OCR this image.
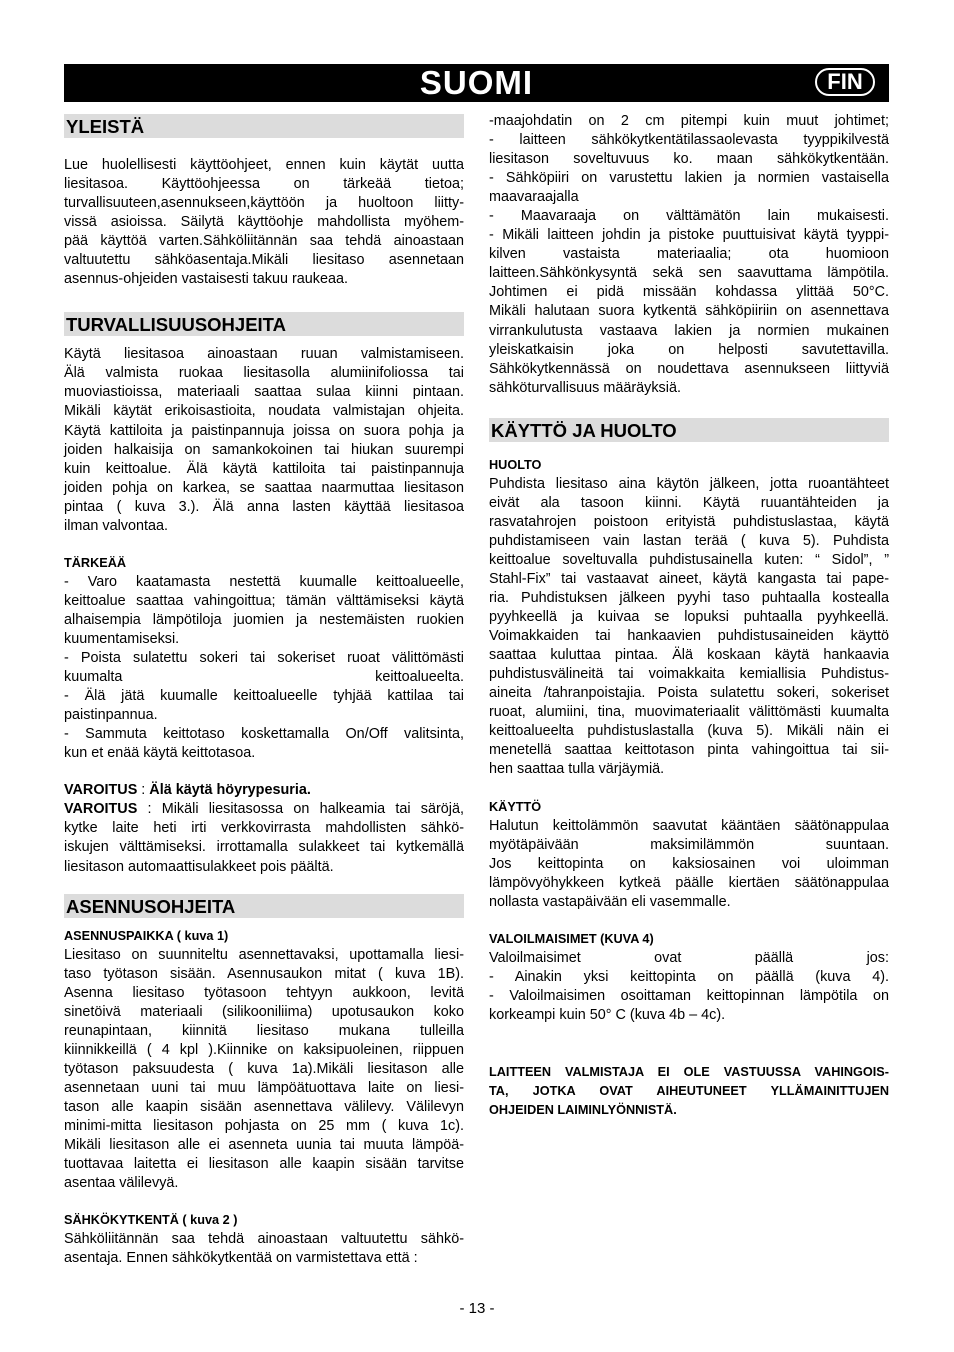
SUOMI	FIN
YLEISTÄ
Lue huolellisesti käyttöohjeet, ennen kuin käytät uutta
liesitasoa. Käyttöohjeessa on tärkeää tietoa;
turvallisuuteen,asennukseen,käyttöön ja huoltoon liitty-
vissä asioissa. Säilytä käyttöohje mahdollista myöhem-
pää käyttöä varten.Sähköliitännän saa tehdä ainoastaan
valtuutettu sähköasentaja.Mikäli liesitaso asennetaan
asennus-ohjeiden vastaisesti takuu raukeaa.
TURVALLISUUSOHJEITA
Käytä liesitasoa ainoastaan ruuan valmistamiseen.
Älä valmista ruokaa liesitasolla alumiinifoliossa tai
muoviastioissa, materiaali saattaa sulaa kiinni pintaan.
Mikäli käytät erikoisastioita, noudata valmistajan ohjeita.
Käytä kattiloita ja paistinpannuja joissa on suora pohja ja
joiden halkaisija on samankokoinen tai hiukan suurempi
kuin keittoalue. Älä käytä kattiloita tai paistinpannuja
joiden pohja on karkea, se saattaa naarmuttaa liesitason
pintaa ( kuva 3.). Älä anna lasten käyttää liesitasoa
ilman valvontaa.
TÄRKEÄÄ
- Varo kaatamasta nestettä kuumalle keittoalueelle,
keittoalue saattaa vahingoittua; tämän välttämiseksi käytä
alhaisempia lämpötiloja juomien ja nestemäisten ruokien
kuumentamiseksi.
- Poista sulatettu sokeri tai sokeriset ruoat välittömästi
kuumalta keittoalueelta.
- Älä jätä kuumalle keittoalueelle tyhjää kattilaa tai
paistinpannua.
- Sammuta keittotaso koskettamalla On/Off valitsinta,
kun et enää käytä keittotasoa.
VAROITUS : Älä käytä höyrypesuria.
VAROITUS : Mikäli liesitasossa on halkeamia tai säröjä,
kytke laite heti irti verkkovirrasta mahdollisten sähkö-
iskujen välttämiseksi. irrottamalla sulakkeet tai kytkemällä
liesitason automaattisulakkeet pois päältä.
ASENNUSOHJEITA
ASENNUSPAIKKA ( kuva 1)
Liesitaso on suunniteltu asennettavaksi, upottamalla liesi-
taso työtason sisään. Asennusaukon mitat ( kuva 1B).
Asenna liesitaso työtasoon tehtyyn aukkoon, levitä
sinetöivä materiaali (silikooniliima) upotusaukon koko
reunapintaan, kiinnitä liesitaso mukana tulleilla
kiinnikkeillä ( 4 kpl ).Kiinnike on kaksipuoleinen, riippuen
työtason paksuudesta ( kuva 1a).Mikäli liesitason alle
asennetaan uuni tai muu lämpöätuottava laite on liesi-
tason alle kaapin sisään asennettava välilevy. Välilevyn
minimi-mitta liesitason pohjasta on 25 mm ( kuva 1c).
Mikäli liesitason alle ei asenneta uunia tai muuta lämpöä-
tuottavaa laitetta ei liesitason alle kaapin sisään tarvitse
asentaa välilevyä.
SÄHKÖKYTKENTÄ ( kuva 2 )
Sähköliitännän saa tehdä ainoastaan valtuutettu sähkö-
asentaja. Ennen sähkökytkentää on varmistettava että :
-maajohdatin on 2 cm pitempi kuin muut johtimet;
- laitteen sähkökytkentätilassaolevasta tyyppikilvestä
liesitason soveltuvuus ko. maan sähkökytkentään.
- Sähköpiiri on varustettu lakien ja normien vastaisella
maavaraajalla
- Maavaraaja on välttämätön lain mukaisesti.
- Mikäli laitteen johdin ja pistoke puuttuisivat käytä tyyppi-
kilven vastaista materiaalia; ota huomioon
laitteen.Sähkönkysyntä sekä sen saavuttama lämpötila.
Johtimen ei pidä missään kohdassa ylittää 50°C.
Mikäli halutaan suora kytkentä sähköpiiriin on asennettava
virrankulutusta vastaava lakien ja normien mukainen
yleiskatkaisin joka on helposti savutettavilla.
Sähkökytkennässä on noudettava asennukseen liittyviä
sähköturvallisuus määräyksiä.
KÄYTTÖ JA HUOLTO
HUOLTO
Puhdista liesitaso aina käytön jälkeen, jotta ruoantähteet
eivät ala tasoon kiinni. Käytä ruuantähteiden ja
rasvatahrojen poistoon erityistä puhdistuslastaa, käytä
puhdistamiseen vain lastan terää ( kuva 5). Puhdista
keittoalue soveltuvalla puhdistusainella kuten: “ Sidol”, ”
Stahl-Fix” tai vastaavat aineet, käytä kangasta tai pape-
ria. Puhdistuksen jälkeen pyyhi taso puhtaalla kostealla
pyyhkeellä ja kuivaa se lopuksi puhtaalla pyyhkeellä.
Voimakkaiden tai hankaavien puhdistusaineiden käyttö
saattaa kuluttaa pintaa. Älä koskaan käytä hankaavia
puhdistusvälineitä tai voimakkaita kemiallisia Puhdistus-
aineita /tahranpoistajia. Poista sulatettu sokeri, sokeriset
ruoat, alumiini, tina, muovimateriaalit välittömästi kuumalta
keittoalueelta puhdistuslastalla (kuva 5). Mikäli näin ei
menetellä saattaa keittotason pinta vahingoittua tai sii-
hen saattaa tulla värjäymiä.
KÄYTTÖ
Halutun keittolämmön saavutat kääntäen säätönappulaa
myötäpäivään maksimilämmön suuntaan.
Jos keittopinta on kaksiosainen voi uloimman
lämpövyöhykkeen kytkeä päälle kiertäen säätönappulaa
nollasta vastapäivään eli vasemmalle.
VALOILMAISIMET (KUVA 4)
Valoilmaisimet ovat päällä jos:
- Ainakin yksi keittopinta on päällä (kuva 4).
- Valoilmaisimen osoittaman keittopinnan lämpötila on
korkeampi kuin 50° C (kuva 4b – 4c).
LAITTEEN VALMISTAJA EI OLE VASTUUSSA VAHINGOIS-
TA, JOTKA OVAT AIHEUTUNEET YLLÄMAINITTUJEN
OHJEIDEN LAIMINLYÖNNISTÄ.
- 13 -
